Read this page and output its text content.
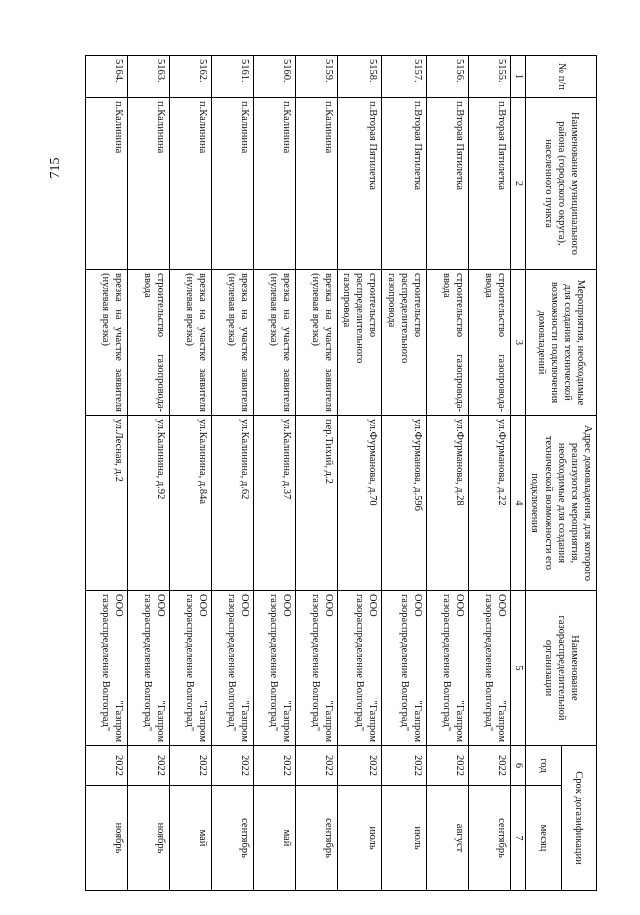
715
№ п/п	Наименование муниципального района (городского округа), населенного пункта	Мероприятия, необходимые для создания технической возможности подключения домовладений	Адрес домовладения, для которого реализуются мероприятия, необходимые для создания технической возможности его подключения	Наименование газораспределительной организации	Срок догазификации	
					год	месяц
1	2	3	4	5	6	7
5155.	п.Вторая Пятилетка	строительство газопровода-ввода	ул.Фурманова, д.22	ООО "Газпром газораспределение Волгоград"	2022	сентябрь
5156.	п.Вторая Пятилетка	строительство газопровода-ввода	ул.Фурманова, д.28	ООО "Газпром газораспределение Волгоград"	2022	август
5157.	п.Вторая Пятилетка	строительство распределительного газопровода	ул.Фурманова, д.59б	ООО "Газпром газораспределение Волгоград"	2022	июль
5158.	п.Вторая Пятилетка	строительство распределительного газопровода	ул.Фурманова, д.70	ООО "Газпром газораспределение Волгоград"	2022	июль
5159.	п.Калинина	врезка на участке заявителя (нулевая врезка)	пер.Тихий, д.2	ООО "Газпром газораспределение Волгоград"	2022	сентябрь
5160.	п.Калинина	врезка на участке заявителя (нулевая врезка)	ул.Калинина, д.37	ООО "Газпром газораспределение Волгоград"	2022	май
5161.	п.Калинина	врезка на участке заявителя (нулевая врезка)	ул.Калинина, д.62	ООО "Газпром газораспределение Волгоград"	2022	сентябрь
5162.	п.Калинина	врезка на участке заявителя (нулевая врезка)	ул.Калинина, д.84а	ООО "Газпром газораспределение Волгоград"	2022	май
5163.	п.Калинина	строительство газопровода-ввода	ул.Калинина, д.92	ООО "Газпром газораспределение Волгоград"	2022	ноябрь
5164.	п.Калинина	врезка на участке заявителя (нулевая врезка)	ул.Лесная, д.2	ООО "Газпром газораспределение Волгоград"	2022	ноябрь
